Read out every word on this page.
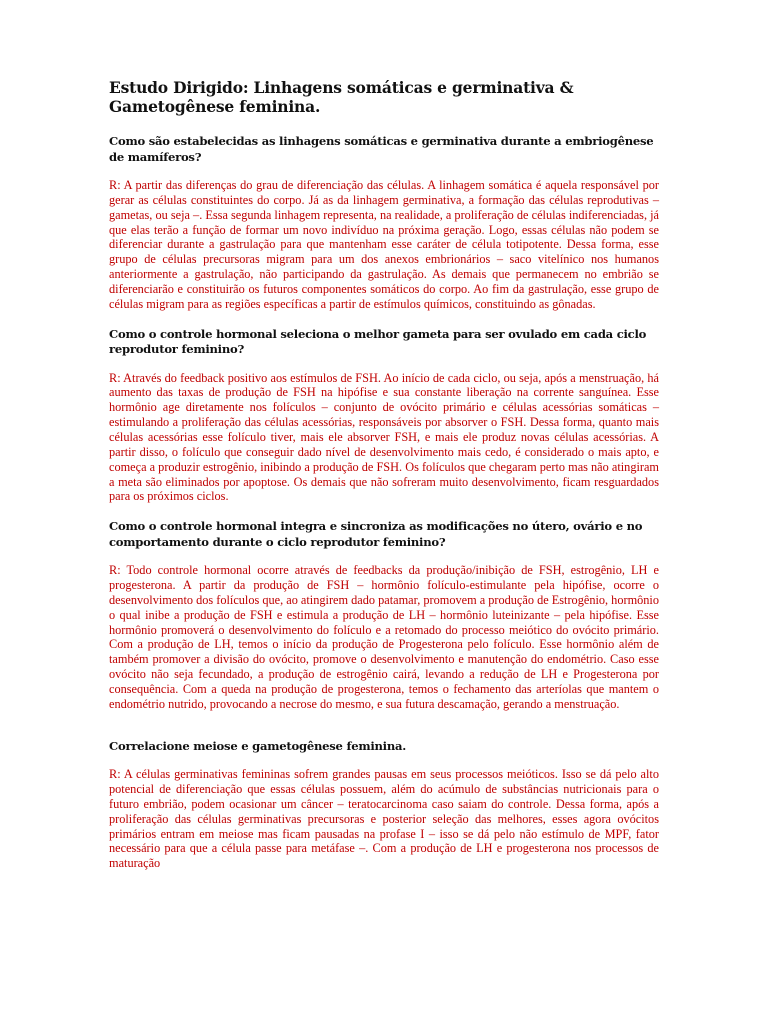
Estudo Dirigido: Linhagens somáticas e germinativa & Gametogênese feminina.
Como são estabelecidas as linhagens somáticas e germinativa durante a embriogênese de mamíferos?
R: A partir das diferenças do grau de diferenciação das células. A linhagem somática é aquela responsável por gerar as células constituintes do corpo. Já as da linhagem germinativa, a formação das células reprodutivas – gametas, ou seja –. Essa segunda linhagem representa, na realidade, a proliferação de células indiferenciadas, já que elas terão a função de formar um novo indivíduo na próxima geração. Logo, essas células não podem se diferenciar durante a gastrulação para que mantenham esse caráter de célula totipotente. Dessa forma, esse grupo de células precursoras migram para um dos anexos embrionários – saco vitelínico nos humanos anteriormente a gastrulação, não participando da gastrulação. As demais que permanecem no embrião se diferenciarão e constituirão os futuros componentes somáticos do corpo. Ao fim da gastrulação, esse grupo de células migram para as regiões específicas a partir de estímulos químicos, constituindo as gônadas.
Como o controle hormonal seleciona o melhor gameta para ser ovulado em cada ciclo reprodutor feminino?
R: Através do feedback positivo aos estímulos de FSH. Ao início de cada ciclo, ou seja, após a menstruação, há aumento das taxas de produção de FSH na hipófise e sua constante liberação na corrente sanguínea. Esse hormônio age diretamente nos folículos – conjunto de ovócito primário e células acessórias somáticas – estimulando a proliferação das células acessórias, responsáveis por absorver o FSH. Dessa forma, quanto mais células acessórias esse folículo tiver, mais ele absorver FSH, e mais ele produz novas células acessórias. A partir disso, o folículo que conseguir dado nível de desenvolvimento mais cedo, é considerado o mais apto, e começa a produzir estrogênio, inibindo a produção de FSH. Os folículos que chegaram perto mas não atingiram a meta são eliminados por apoptose. Os demais que não sofreram muito desenvolvimento, ficam resguardados para os próximos ciclos.
Como o controle hormonal integra e sincroniza as modificações no útero, ovário e no comportamento durante o ciclo reprodutor feminino?
R: Todo controle hormonal ocorre através de feedbacks da produção/inibição de FSH, estrogênio, LH e progesterona. A partir da produção de FSH – hormônio folículo-estimulante pela hipófise, ocorre o desenvolvimento dos folículos que, ao atingirem dado patamar, promovem a produção de Estrogênio, hormônio o qual inibe a produção de FSH e estimula a produção de LH – hormônio luteinizante – pela hipófise. Esse hormônio promoverá o desenvolvimento do folículo e a retomado do processo meiótico do ovócito primário. Com a produção de LH, temos o início da produção de Progesterona pelo folículo. Esse hormônio além de também promover a divisão do ovócito, promove o desenvolvimento e manutenção do endométrio. Caso esse ovócito não seja fecundado, a produção de estrogênio cairá, levando a redução de LH e Progesterona por consequência. Com a queda na produção de progesterona, temos o fechamento das arteríolas que mantem o endométrio nutrido, provocando a necrose do mesmo, e sua futura descamação, gerando a menstruação.
Correlacione meiose e gametogênese feminina.
R: A células germinativas femininas sofrem grandes pausas em seus processos meióticos. Isso se dá pelo alto potencial de diferenciação que essas células possuem, além do acúmulo de substâncias nutricionais para o futuro embrião, podem ocasionar um câncer – teratocarcinoma caso saiam do controle. Dessa forma, após a proliferação das células germinativas precursoras e posterior seleção das melhores, esses agora ovócitos primários entram em meiose mas ficam pausadas na profase I – isso se dá pelo não estímulo de MPF, fator necessário para que a célula passe para metáfase –. Com a produção de LH e progesterona nos processos de maturação
